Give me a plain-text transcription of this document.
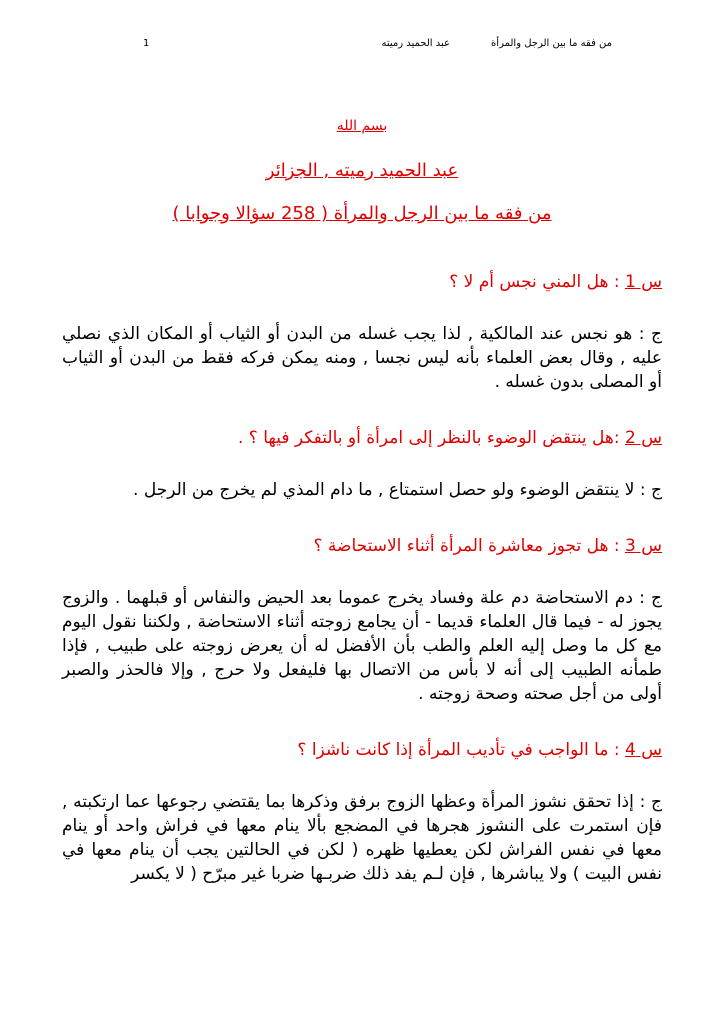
من فقه ما بين الرجل والمرأة
عبد الحميد رميته
1
بسم الله
عبد الحميد رميته , الجزائر
من فقه ما بين الرجل والمرأة ( 258 سؤالا وجوابا )

س 1 : هل المني نجس أم لا ؟

ج : هو نجس عند المالكية , لذا يجب غسله من البدن أو الثياب أو المكان الذي نصلي عليه , وقال بعض العلماء بأنه ليس نجسا , ومنه يمكن فركه فقط من البدن أو الثياب أو المصلى بدون غسله .

س 2 :هل ينتقض الوضوء بالنظر إلى امرأة أو بالتفكر فيها ؟ .

ج : لا ينتقض الوضوء ولو حصل استمتاع , ما دام المذي لم يخرج من الرجل .

س 3 : هل تجوز معاشرة المرأة أثناء الاستحاضة ؟

ج : دم الاستحاضة دم علة وفساد يخرج عموما بعد الحيض والنفاس أو قبلهما . والزوج يجوز له - فيما قال العلماء قديما - أن يجامع زوجته أثناء الاستحاضة , ولكننا نقول اليوم مع كل ما وصل إليه العلم والطب بأن الأفضل له أن يعرض زوجته على طبيب , فإذا طمأنه الطبيب إلى أنه لا بأس من الاتصال بها فليفعل ولا حرج , وإلا فالحذر والصبر أولى من أجل صحته وصحة زوجته .

س 4 : ما الواجب في تأديب المرأة إذا كانت ناشزا ؟

ج : إذا تحقق نشوز المرأة وعظها الزوج برفق وذكرها بما يقتضي رجوعها عما ارتكبته , فإن استمرت على النشوز هجرها في المضجع بألا ينام معها في فراش واحد أو ينام معها في نفس الفراش لكن يعطيها ظهره ( لكن في الحالتين يجب أن ينام معها في نفس البيت ) ولا يباشرها , فإن لـم يفد ذلك ضربـها ضربا غير مبرّح ( لا يكسر
